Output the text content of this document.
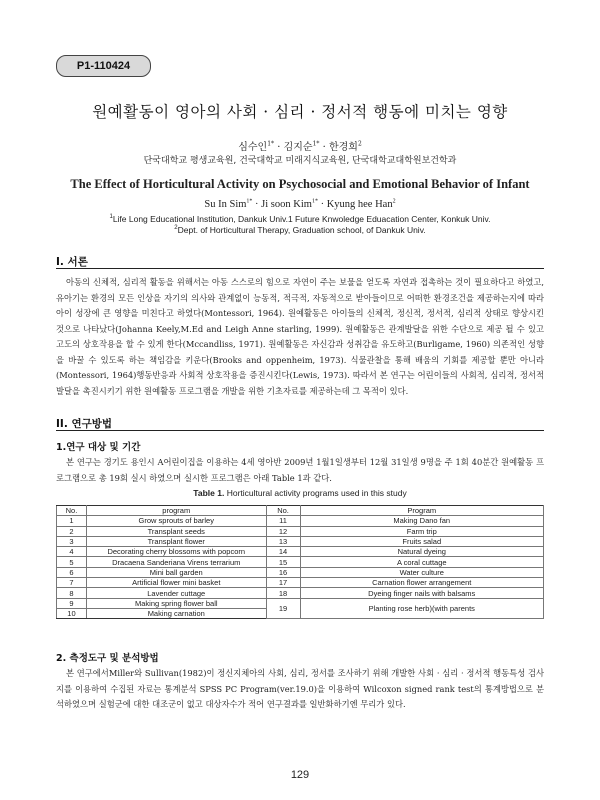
P1-110424
원예활동이 영아의 사회 · 심리 · 정서적 행동에 미치는 영향
심수인$^{1*}$ · 김지순$^{1*}$ · 한경희$^2$
단국대학교 평생교육원, 건국대학교 미래지식교육원, 단국대학교대학원보건학과
The Effect of Horticultural Activity on Psychosocial and Emotional Behavior of Infant
Su In Sim$^{1*}$ · Ji soon Kim$^{1*}$ · Kyung hee Han$^2$
$^1$Life Long Educational Institution, Dankuk Univ.1 Future Knwoledge Eduacation Center, Konkuk Univ.
$^2$Dept. of Horticultural Therapy, Graduation school, of Dankuk Univ.
I. 서론
아동의 신체적, 심리적 활동을 위해서는 아동 스스로의 힘으로 자연이 주는 보물을 얻도록 자연과 접촉하는 것이 필요하다고 하였고, 유아기는 환경의 모든 인상을 자기의 의사와 관계없이 능동적, 적극적, 자동적으로 받아들이므로 어떠한 환경조건을 제공하는지에 따라 아이 성장에 큰 영향을 미친다고 하였다(Montessori, 1964). 원예활동은 아이들의 신체적, 정신적, 정서적, 심리적 상태로 향상시킨 것으로 나타났다(Johanna Keely,M.Ed and Leigh Anne starling, 1999). 원예활동은 관계발달을 위한 수단으로 제공 될 수 있고 고도의 상호작용을 할 수 있게 한다(Mccandliss, 1971). 원예활동은 자신감과 성취감을 유도하고(Burligame, 1960) 의존적인 성향을 바꿀 수 있도록 하는 책임감을 키운다(Brooks and oppenheim, 1973). 식물관찰을 통해 배움의 기회를 제공할 뿐만 아니라 (Montessori, 1964)행동반응과 사회적 상호작용을 증진시킨다(Lewis, 1973). 따라서 본 연구는 어린이들의 사회적, 심리적, 정서적 발달을 촉진시키기 위한 원예활동 프로그램을 개발을 위한 기초자료를 제공하는데 그 목적이 있다.
II. 연구방법
1.연구 대상 및 기간
본 연구는 경기도 용인시 A어린이집을 이용하는 4세 영아반 2009년 1월1일생부터 12월 31일생 9명을 주 1회 40분간 원예활동 프로그램으로 총 19회 실시 하였으며 실시한 프로그램은 아래 Table 1과 같다.
Table 1. Horticultural activity programs used in this study
No.	program	No.	Program
1	Grow sprouts of barley	11	Making Dano fan
2	Transplant seeds	12	Farm trip
3	Transplant flower	13	Fruits salad
4	Decorating cherry blossoms with popcorn	14	Natural dyeing
5	Dracaena Sanderiana Virens terrarium	15	A coral cuttage
6	Mini ball garden	16	Water culture
7	Artificial flower mini basket	17	Carnation flower arrangement
8	Lavender cuttage	18	Dyeing finger nails with balsams
9	Making spring flower ball	19	Planting rose herb)(with parents
10	Making carnation		
2. 측정도구 및 분석방법
본 연구에서Miller와 Sullivan(1982)이 정신지체아의 사회, 심리, 정서를 조사하기 위해 개발한 사회 · 심리 · 정서적 행동특성 검사지를 이용하여 수집된 자료는 통계분석 SPSS PC Program(ver.19.0)을 이용하여 Wilcoxon signed rank test의 통계방법으로 분석하였으며 실험군에 대한 대조군이 없고 대상자수가 적어 연구결과를 일반화하기엔 무리가 있다.
129
